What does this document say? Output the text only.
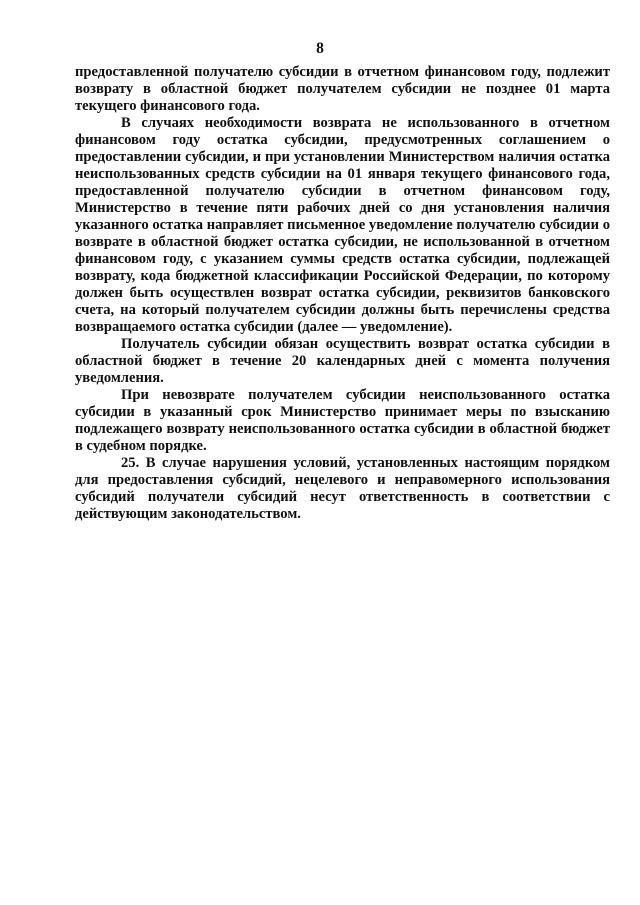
8

предоставленной получателю субсидии в отчетном финансовом году, подлежит возврату в областной бюджет получателем субсидии не позднее 01 марта текущего финансового года.

В случаях необходимости возврата не использованного в отчетном финансовом году остатка субсидии, предусмотренных соглашением о предоставлении субсидии, и при установлении Министерством наличия остатка неиспользованных средств субсидии на 01 января текущего финансового года, предоставленной получателю субсидии в отчетном финансовом году, Министерство в течение пяти рабочих дней со дня установления наличия указанного остатка направляет письменное уведомление получателю субсидии о возврате в областной бюджет остатка субсидии, не использованной в отчетном финансовом году, с указанием суммы средств остатка субсидии, подлежащей возврату, кода бюджетной классификации Российской Федерации, по которому должен быть осуществлен возврат остатка субсидии, реквизитов банковского счета, на который получателем субсидии должны быть перечислены средства возвращаемого остатка субсидии (далее — уведомление).

Получатель субсидии обязан осуществить возврат остатка субсидии в областной бюджет в течение 20 календарных дней с момента получения уведомления.

При невозврате получателем субсидии неиспользованного остатка субсидии в указанный срок Министерство принимает меры по взысканию подлежащего возврату неиспользованного остатка субсидии в областной бюджет в судебном порядке.

25. В случае нарушения условий, установленных настоящим порядком для предоставления субсидий, нецелевого и неправомерного использования субсидий получатели субсидий несут ответственность в соответствии с действующим законодательством.
